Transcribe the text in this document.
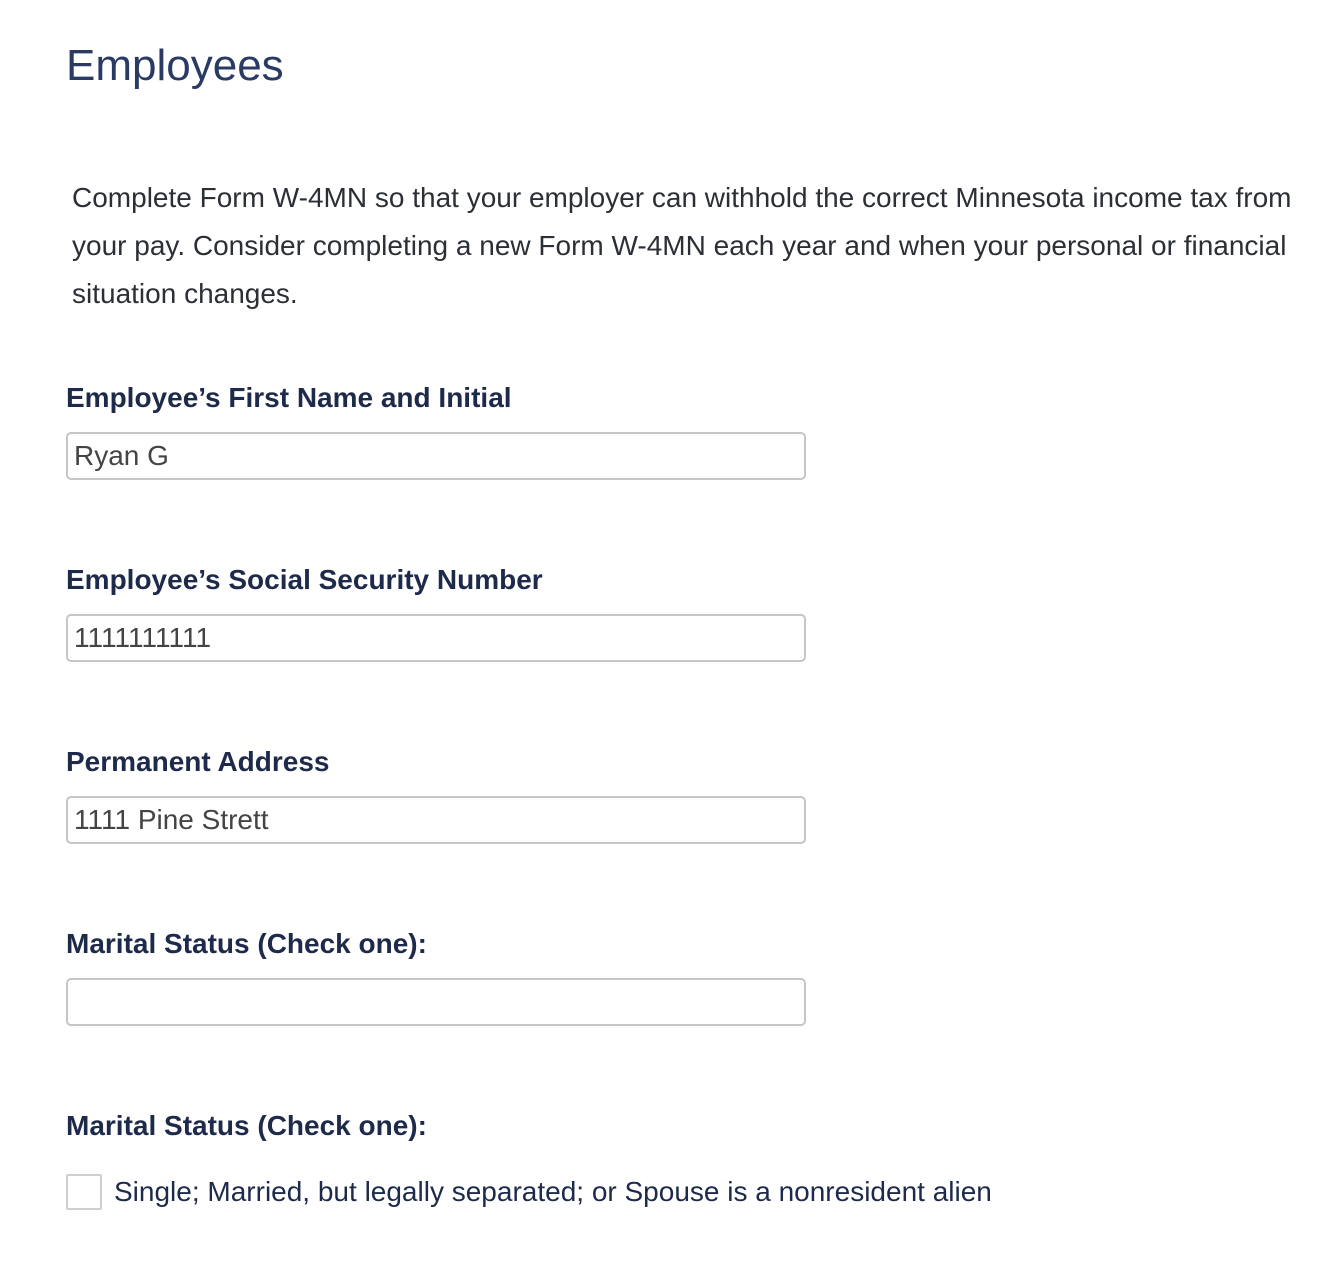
Employees

Complete Form W-4MN so that your employer can withhold the correct Minnesota income tax from your pay. Consider completing a new Form W-4MN each year and when your personal or financial situation changes.

Employee’s First Name and Initial
Ryan G
Employee’s Social Security Number
1111111111
Permanent Address
1111 Pine Strett
Marital Status (Check one):
Marital Status (Check one):
Single; Married, but legally separated; or Spouse is a nonresident alien
